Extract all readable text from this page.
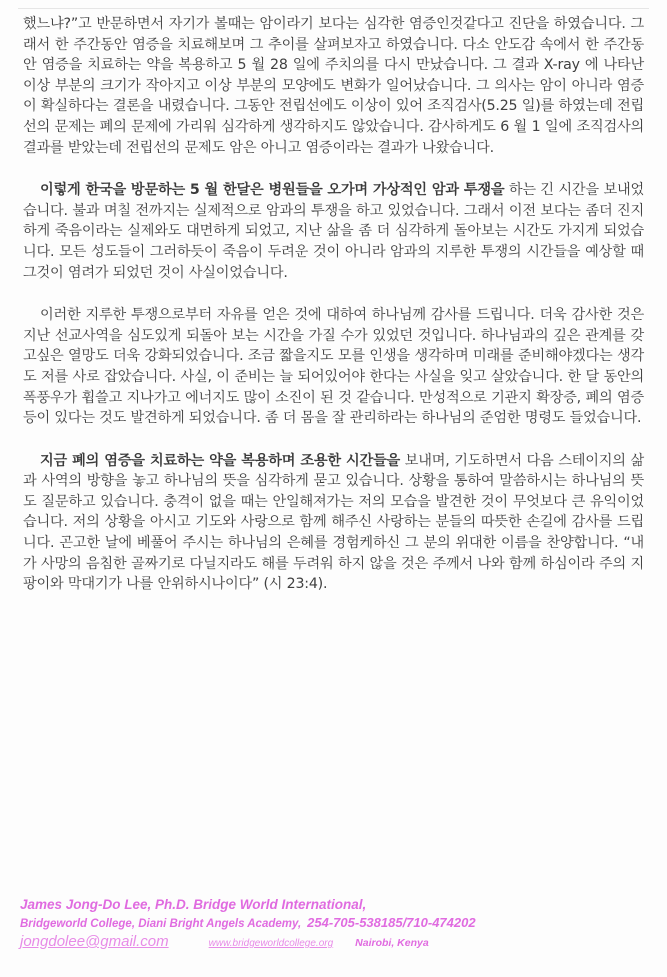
했느냐?”고 반문하면서 자기가 볼때는 암이라기 보다는 심각한 염증인것같다고 진단을 하였습니다. 그래서 한 주간동안 염증을 치료해보며 그 추이를 살펴보자고 하였습니다. 다소 안도감 속에서 한 주간동안 염증을 치료하는 약을 복용하고 5 월 28 일에 주치의를 다시 만났습니다. 그 결과 X-ray 에 나타난 이상 부분의 크기가 작아지고 이상 부분의 모양에도 변화가 일어났습니다. 그 의사는 암이 아니라 염증이 확실하다는 결론을 내렸습니다. 그동안 전립선에도 이상이 있어 조직검사(5.25 일)를 하였는데 전립선의 문제는 폐의 문제에 가리워 심각하게 생각하지도 않았습니다. 감사하게도 6 월 1 일에 조직검사의 결과를 받았는데 전립선의 문제도 암은 아니고 염증이라는 결과가 나왔습니다.

이렇게 한국을 방문하는 5 월 한달은 병원들을 오가며 가상적인 암과 투쟁을 하는 긴 시간을 보내었습니다. 불과 며칠 전까지는 실제적으로 암과의 투쟁을 하고 있었습니다. 그래서 이전 보다는 좀더 진지하게 죽음이라는 실제와도 대면하게 되었고, 지난 삶을 좀 더 심각하게 돌아보는 시간도 가지게 되었습니다. 모든 성도들이 그러하듯이 죽음이 두려운 것이 아니라 암과의 지루한 투쟁의 시간들을 예상할 때 그것이 염려가 되었던 것이 사실이었습니다.

이러한 지루한 투쟁으로부터 자유를 얻은 것에 대하여 하나님께 감사를 드립니다. 더욱 감사한 것은 지난 선교사역을 심도있게 되돌아 보는 시간을 가질 수가 있었던 것입니다. 하나님과의 깊은 관계를 갖고싶은 열망도 더욱 강화되었습니다. 조금 짧을지도 모를 인생을 생각하며 미래를 준비해야겠다는 생각도 저를 사로 잡았습니다. 사실, 이 준비는 늘 되어있어야 한다는 사실을 잊고 살았습니다. 한 달 동안의 폭풍우가 휩쓸고 지나가고 에너지도 많이 소진이 된 것 같습니다. 만성적으로 기관지 확장증, 폐의 염증 등이 있다는 것도 발견하게 되었습니다. 좀 더 몸을 잘 관리하라는 하나님의 준엄한 명령도 들었습니다.

지금 폐의 염증을 치료하는 약을 복용하며 조용한 시간들을 보내며, 기도하면서 다음 스테이지의 삶과 사역의 방향을 놓고 하나님의 뜻을 심각하게 묻고 있습니다. 상황을 통하여 말씀하시는 하나님의 뜻도 질문하고 있습니다. 충격이 없을 때는 안일해져가는 저의 모습을 발견한 것이 무엇보다 큰 유익이었습니다. 저의 상황을 아시고 기도와 사랑으로 함께 해주신 사랑하는 분들의 따뜻한 손길에 감사를 드립니다. 곤고한 날에 베풀어 주시는 하나님의 은혜를 경험케하신 그 분의 위대한 이름을 찬양합니다. “내가 사망의 음침한 골짜기로 다닐지라도 해를 두려워 하지 않을 것은 주께서 나와 함께 하심이라 주의 지팡이와 막대기가 나를 안위하시나이다” (시 23:4).

James Jong-Do Lee, Ph.D. Bridge World International,
Bridgeworld College, Diani Bright Angels Academy, 254-705-538185/710-474202
jongdolee@gmail.com	www.bridgeworldcollege.org Nairobi, Kenya
